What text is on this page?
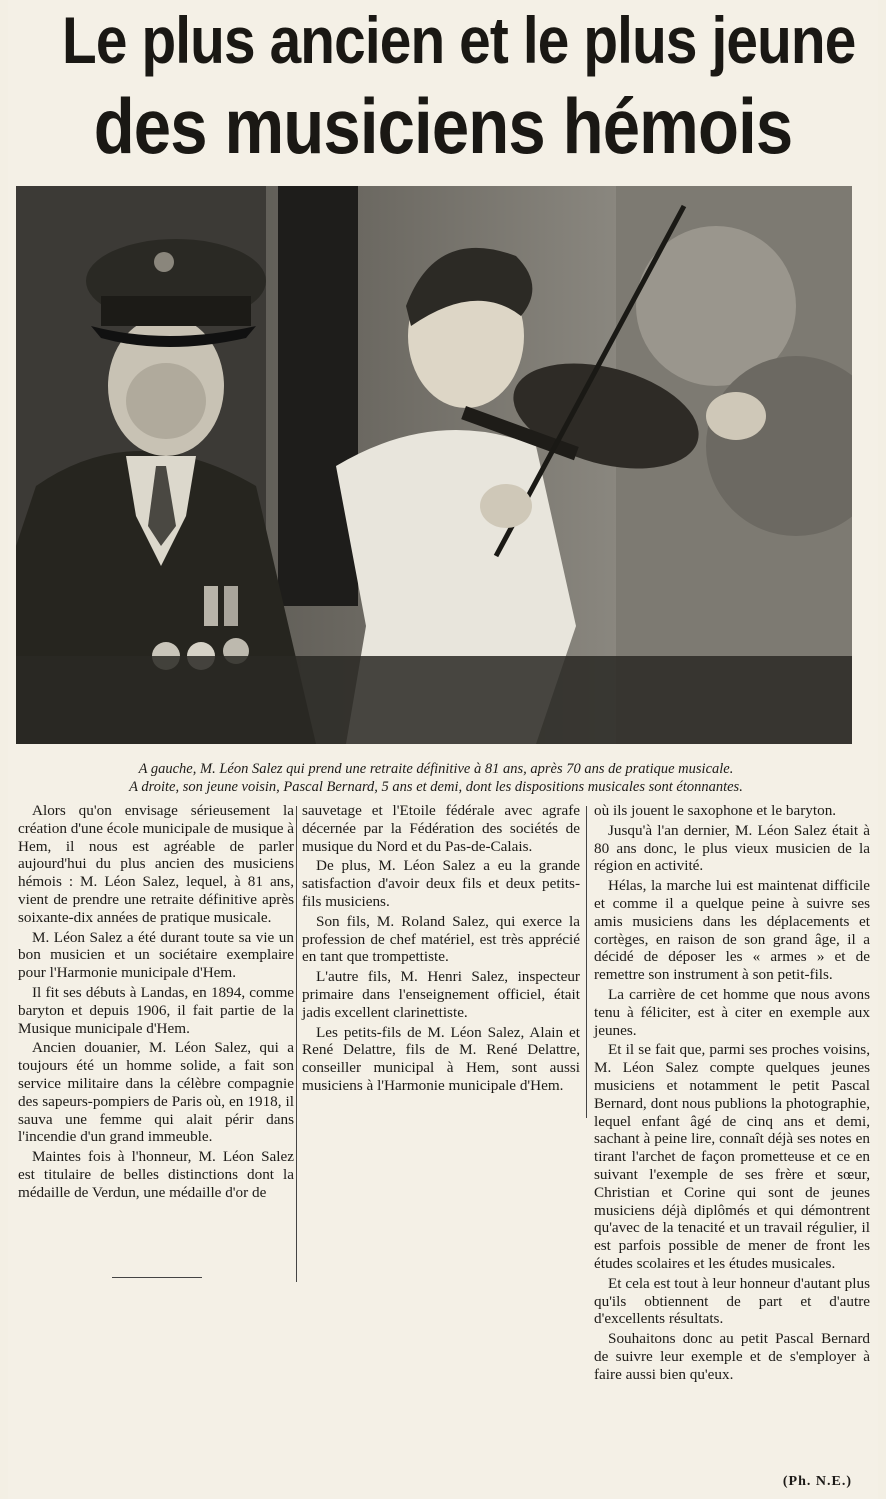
Le plus ancien et le plus jeune
des musiciens hémois

A gauche, M. Léon Salez qui prend une retraite définitive à 81 ans, après 70 ans de pratique musicale.

A droite, son jeune voisin, Pascal Bernard, 5 ans et demi, dont les dispositions musicales sont étonnantes.

Alors qu'on envisage sérieusement la création d'une école municipale de musique à Hem, il nous est agréable de parler aujourd'hui du plus ancien des musiciens hémois : M. Léon Salez, lequel, à 81 ans, vient de prendre une retraite définitive après soixante-dix années de pratique musicale.

M. Léon Salez a été durant toute sa vie un bon musicien et un sociétaire exemplaire pour l'Harmonie municipale d'Hem.

Il fit ses débuts à Landas, en 1894, comme baryton et depuis 1906, il fait partie de la Musique municipale d'Hem.

Ancien douanier, M. Léon Salez, qui a toujours été un homme solide, a fait son service militaire dans la célèbre compagnie des sapeurs-pompiers de Paris où, en 1918, il sauva une femme qui alait périr dans l'incendie d'un grand immeuble.

Maintes fois à l'honneur, M. Léon Salez est titulaire de belles distinctions dont la médaille de Verdun, une médaille d'or de

sauvetage et l'Etoile fédérale avec agrafe décernée par la Fédération des sociétés de musique du Nord et du Pas-de-Calais.

De plus, M. Léon Salez a eu la grande satisfaction d'avoir deux fils et deux petits-fils musiciens.

Son fils, M. Roland Salez, qui exerce la profession de chef matériel, est très apprécié en tant que trompettiste.

L'autre fils, M. Henri Salez, inspecteur primaire dans l'enseignement officiel, était jadis excellent clarinettiste.

Les petits-fils de M. Léon Salez, Alain et René Delattre, fils de M. René Delattre, conseiller municipal à Hem, sont aussi musiciens à l'Harmonie municipale d'Hem.

où ils jouent le saxophone et le baryton.

Jusqu'à l'an dernier, M. Léon Salez était à 80 ans donc, le plus vieux musicien de la région en activité.

Hélas, la marche lui est maintenat difficile et comme il a quelque peine à suivre ses amis musiciens dans les déplacements et cortèges, en raison de son grand âge, il a décidé de déposer les « armes » et de remettre son instrument à son petit-fils.

La carrière de cet homme que nous avons tenu à féliciter, est à citer en exemple aux jeunes.

Et il se fait que, parmi ses proches voisins, M. Léon Salez compte quelques jeunes musiciens et notamment le petit Pascal Bernard, dont nous publions la photographie, lequel enfant âgé de cinq ans et demi, sachant à peine lire, connaît déjà ses notes en tirant l'archet de façon prometteuse et ce en suivant l'exemple de ses frère et sœur, Christian et Corine qui sont de jeunes musiciens déjà diplômés et qui démontrent qu'avec de la tenacité et un travail régulier, il est parfois possible de mener de front les études scolaires et les études musicales.

Et cela est tout à leur honneur d'autant plus qu'ils obtiennent de part et d'autre d'excellents résultats.

Souhaitons donc au petit Pascal Bernard de suivre leur exemple et de s'employer à faire aussi bien qu'eux.

(Ph. N.E.)
